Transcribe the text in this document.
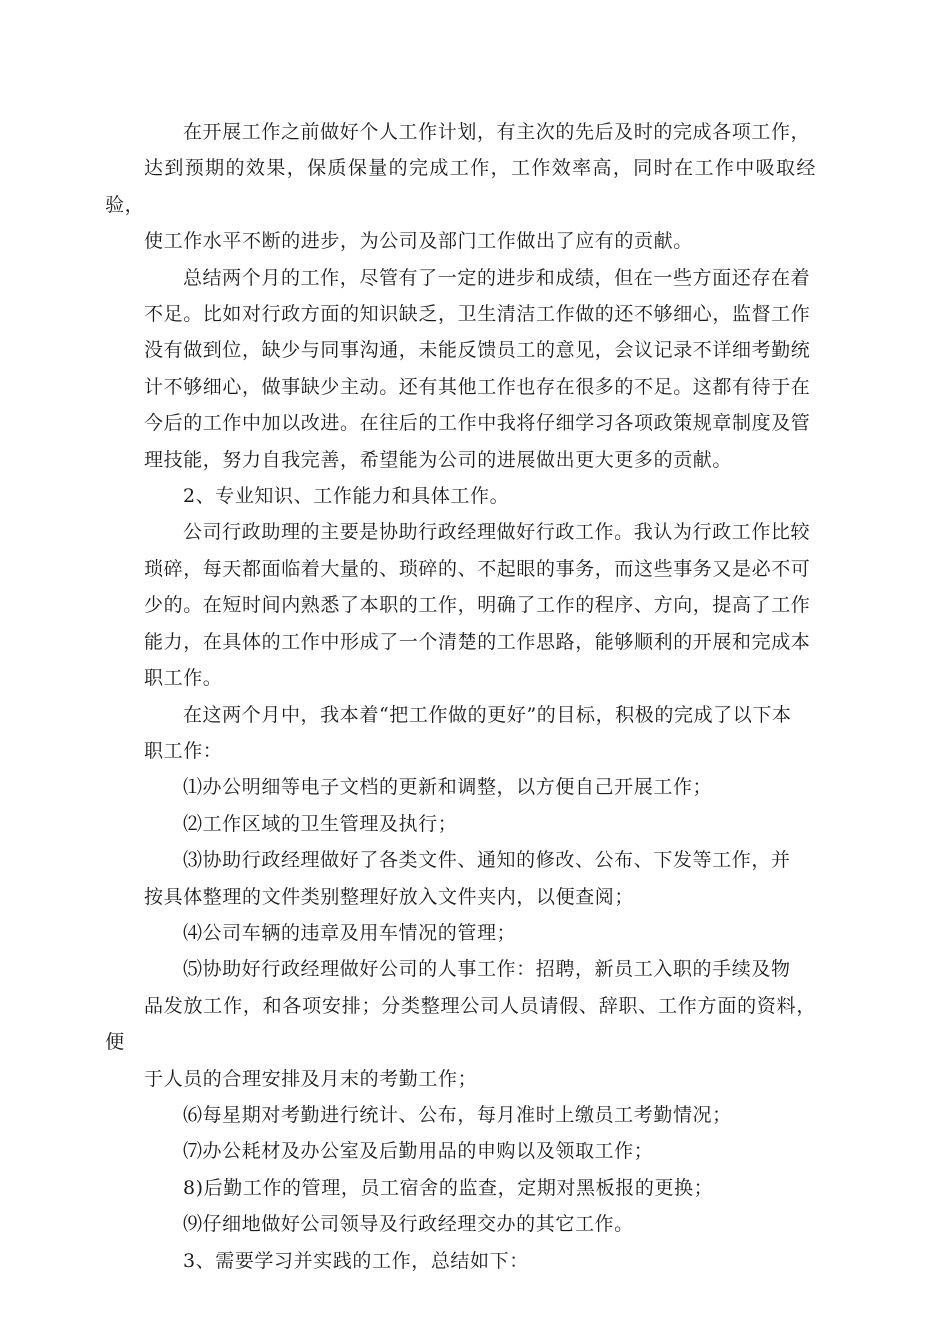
在开展工作之前做好个人工作计划，有主次的先后及时的完成各项工作，
达到预期的效果，保质保量的完成工作，工作效率高，同时在工作中吸取经验，
使工作水平不断的进步，为公司及部门工作做出了应有的贡献。

总结两个月的工作，尽管有了一定的进步和成绩，但在一些方面还存在着
不足。比如对行政方面的知识缺乏，卫生清洁工作做的还不够细心，监督工作
没有做到位，缺少与同事沟通，未能反馈员工的意见，会议记录不详细考勤统
计不够细心，做事缺少主动。还有其他工作也存在很多的不足。这都有待于在
今后的工作中加以改进。在往后的工作中我将仔细学习各项政策规章制度及管
理技能，努力自我完善，希望能为公司的进展做出更大更多的贡献。

2、专业知识、工作能力和具体工作。

公司行政助理的主要是协助行政经理做好行政工作。我认为行政工作比较
琐碎，每天都面临着大量的、琐碎的、不起眼的事务，而这些事务又是必不可
少的。在短时间内熟悉了本职的工作，明确了工作的程序、方向，提高了工作
能力，在具体的工作中形成了一个清楚的工作思路，能够顺利的开展和完成本
职工作。

在这两个月中，我本着“把工作做的更好”的目标，积极的完成了以下本
职工作：

⑴办公明细等电子文档的更新和调整，以方便自己开展工作；

⑵工作区域的卫生管理及执行；

⑶协助行政经理做好了各类文件、通知的修改、公布、下发等工作，并
按具体整理的文件类别整理好放入文件夹内，以便查阅；

⑷公司车辆的违章及用车情况的管理；

⑸协助好行政经理做好公司的人事工作：招聘，新员工入职的手续及物
品发放工作，和各项安排；分类整理公司人员请假、辞职、工作方面的资料，便
于人员的合理安排及月末的考勤工作；

⑹每星期对考勤进行统计、公布，每月准时上缴员工考勤情况；

⑺办公耗材及办公室及后勤用品的申购以及领取工作；

8)后勤工作的管理，员工宿舍的监查，定期对黑板报的更换；

⑼仔细地做好公司领导及行政经理交办的其它工作。

3、需要学习并实践的工作，总结如下：
